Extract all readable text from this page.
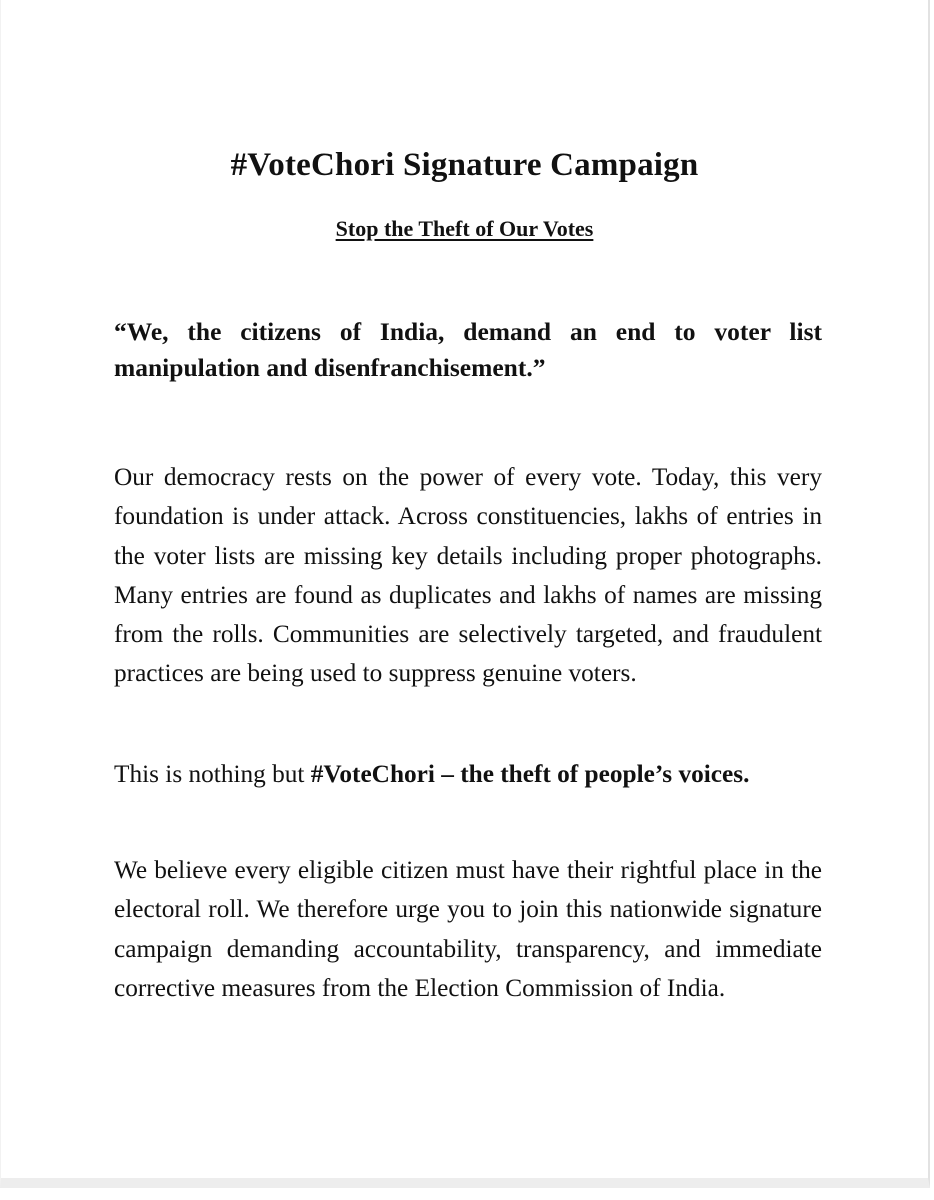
#VoteChori Signature Campaign
Stop the Theft of Our Votes

“We, the citizens of India, demand an end to voter list manipulation and disenfranchisement.”

Our democracy rests on the power of every vote. Today, this very foundation is under attack. Across constituencies, lakhs of entries in the voter lists are missing key details including proper photographs. Many entries are found as duplicates and lakhs of names are missing from the rolls. Communities are selectively targeted, and fraudulent practices are being used to suppress genuine voters.

This is nothing but #VoteChori – the theft of people’s voices.

We believe every eligible citizen must have their rightful place in the electoral roll. We therefore urge you to join this nationwide signature campaign demanding accountability, transparency, and immediate corrective measures from the Election Commission of India.
